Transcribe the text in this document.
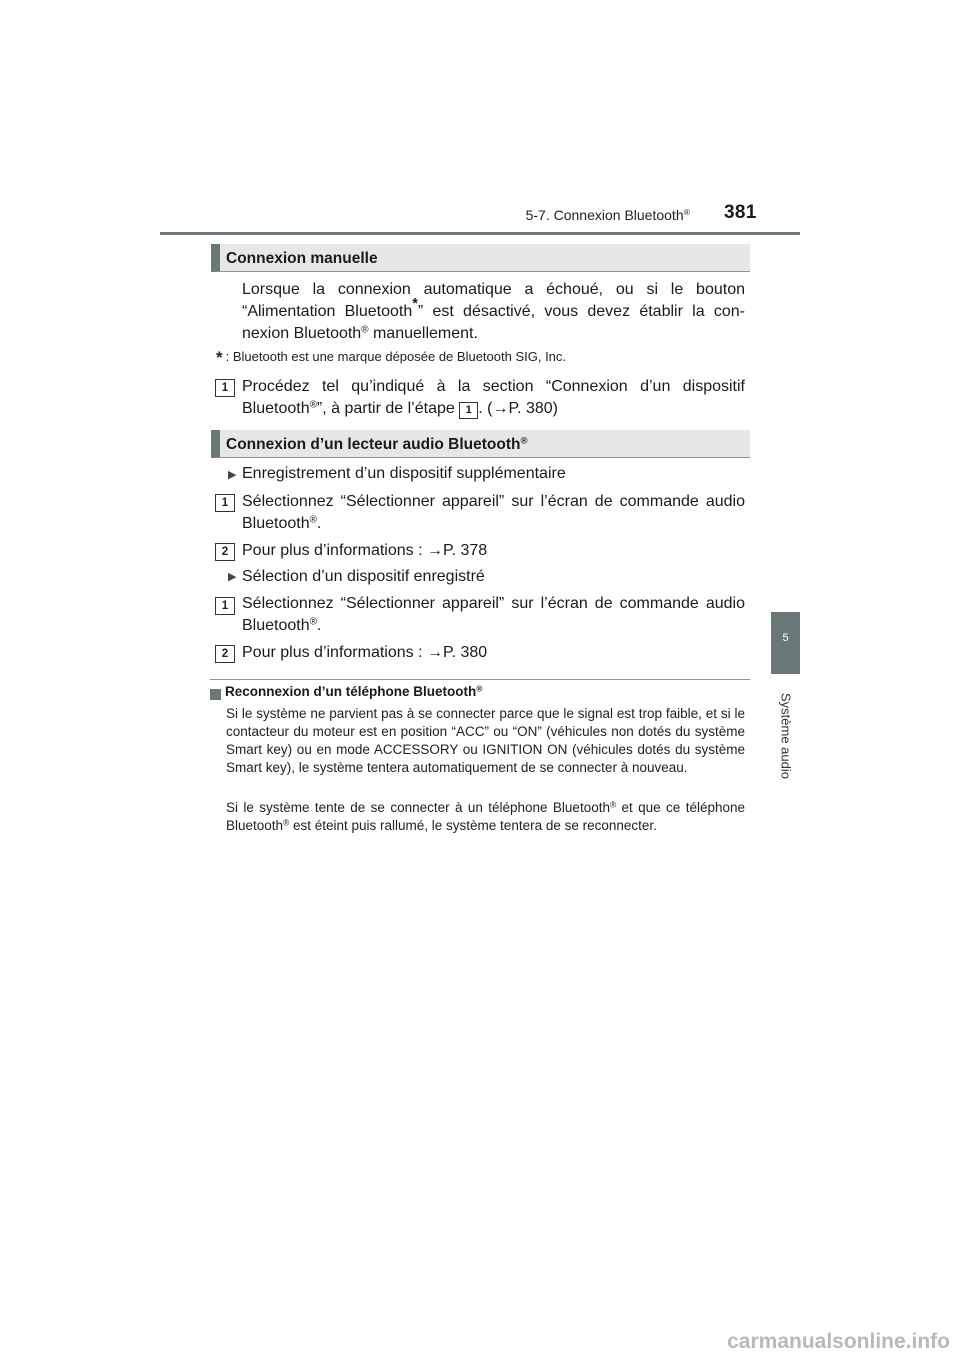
5-7. Connexion Bluetooth® 381
5
Système audio
Connexion manuelle
Lorsque la connexion automatique a échoué, ou si le bouton “Alimentation Bluetooth*” est désactivé, vous devez établir la connexion Bluetooth® manuellement.
* : Bluetooth est une marque déposée de Bluetooth SIG, Inc.
1 Procédez tel qu’indiqué à la section “Connexion d’un dispositif Bluetooth®”, à partir de l’étape 1 . (→P. 380)
Connexion d’un lecteur audio Bluetooth®
▶ Enregistrement d’un dispositif supplémentaire
1 Sélectionnez “Sélectionner appareil” sur l’écran de commande audio Bluetooth®.
2 Pour plus d’informations : →P. 378
▶ Sélection d’un dispositif enregistré
1 Sélectionnez “Sélectionner appareil” sur l’écran de commande audio Bluetooth®.
2 Pour plus d’informations : →P. 380
Reconnexion d’un téléphone Bluetooth®
Si le système ne parvient pas à se connecter parce que le signal est trop faible, et si le contacteur du moteur est en position “ACC” ou “ON” (véhicules non dotés du système Smart key) ou en mode ACCESSORY ou IGNITION ON (véhicules dotés du système Smart key), le système tentera automatiquement de se connecter à nouveau.
Si le système tente de se connecter à un téléphone Bluetooth® et que ce téléphone Bluetooth® est éteint puis rallumé, le système tentera de se reconnecter.
carmanualsonline.info
